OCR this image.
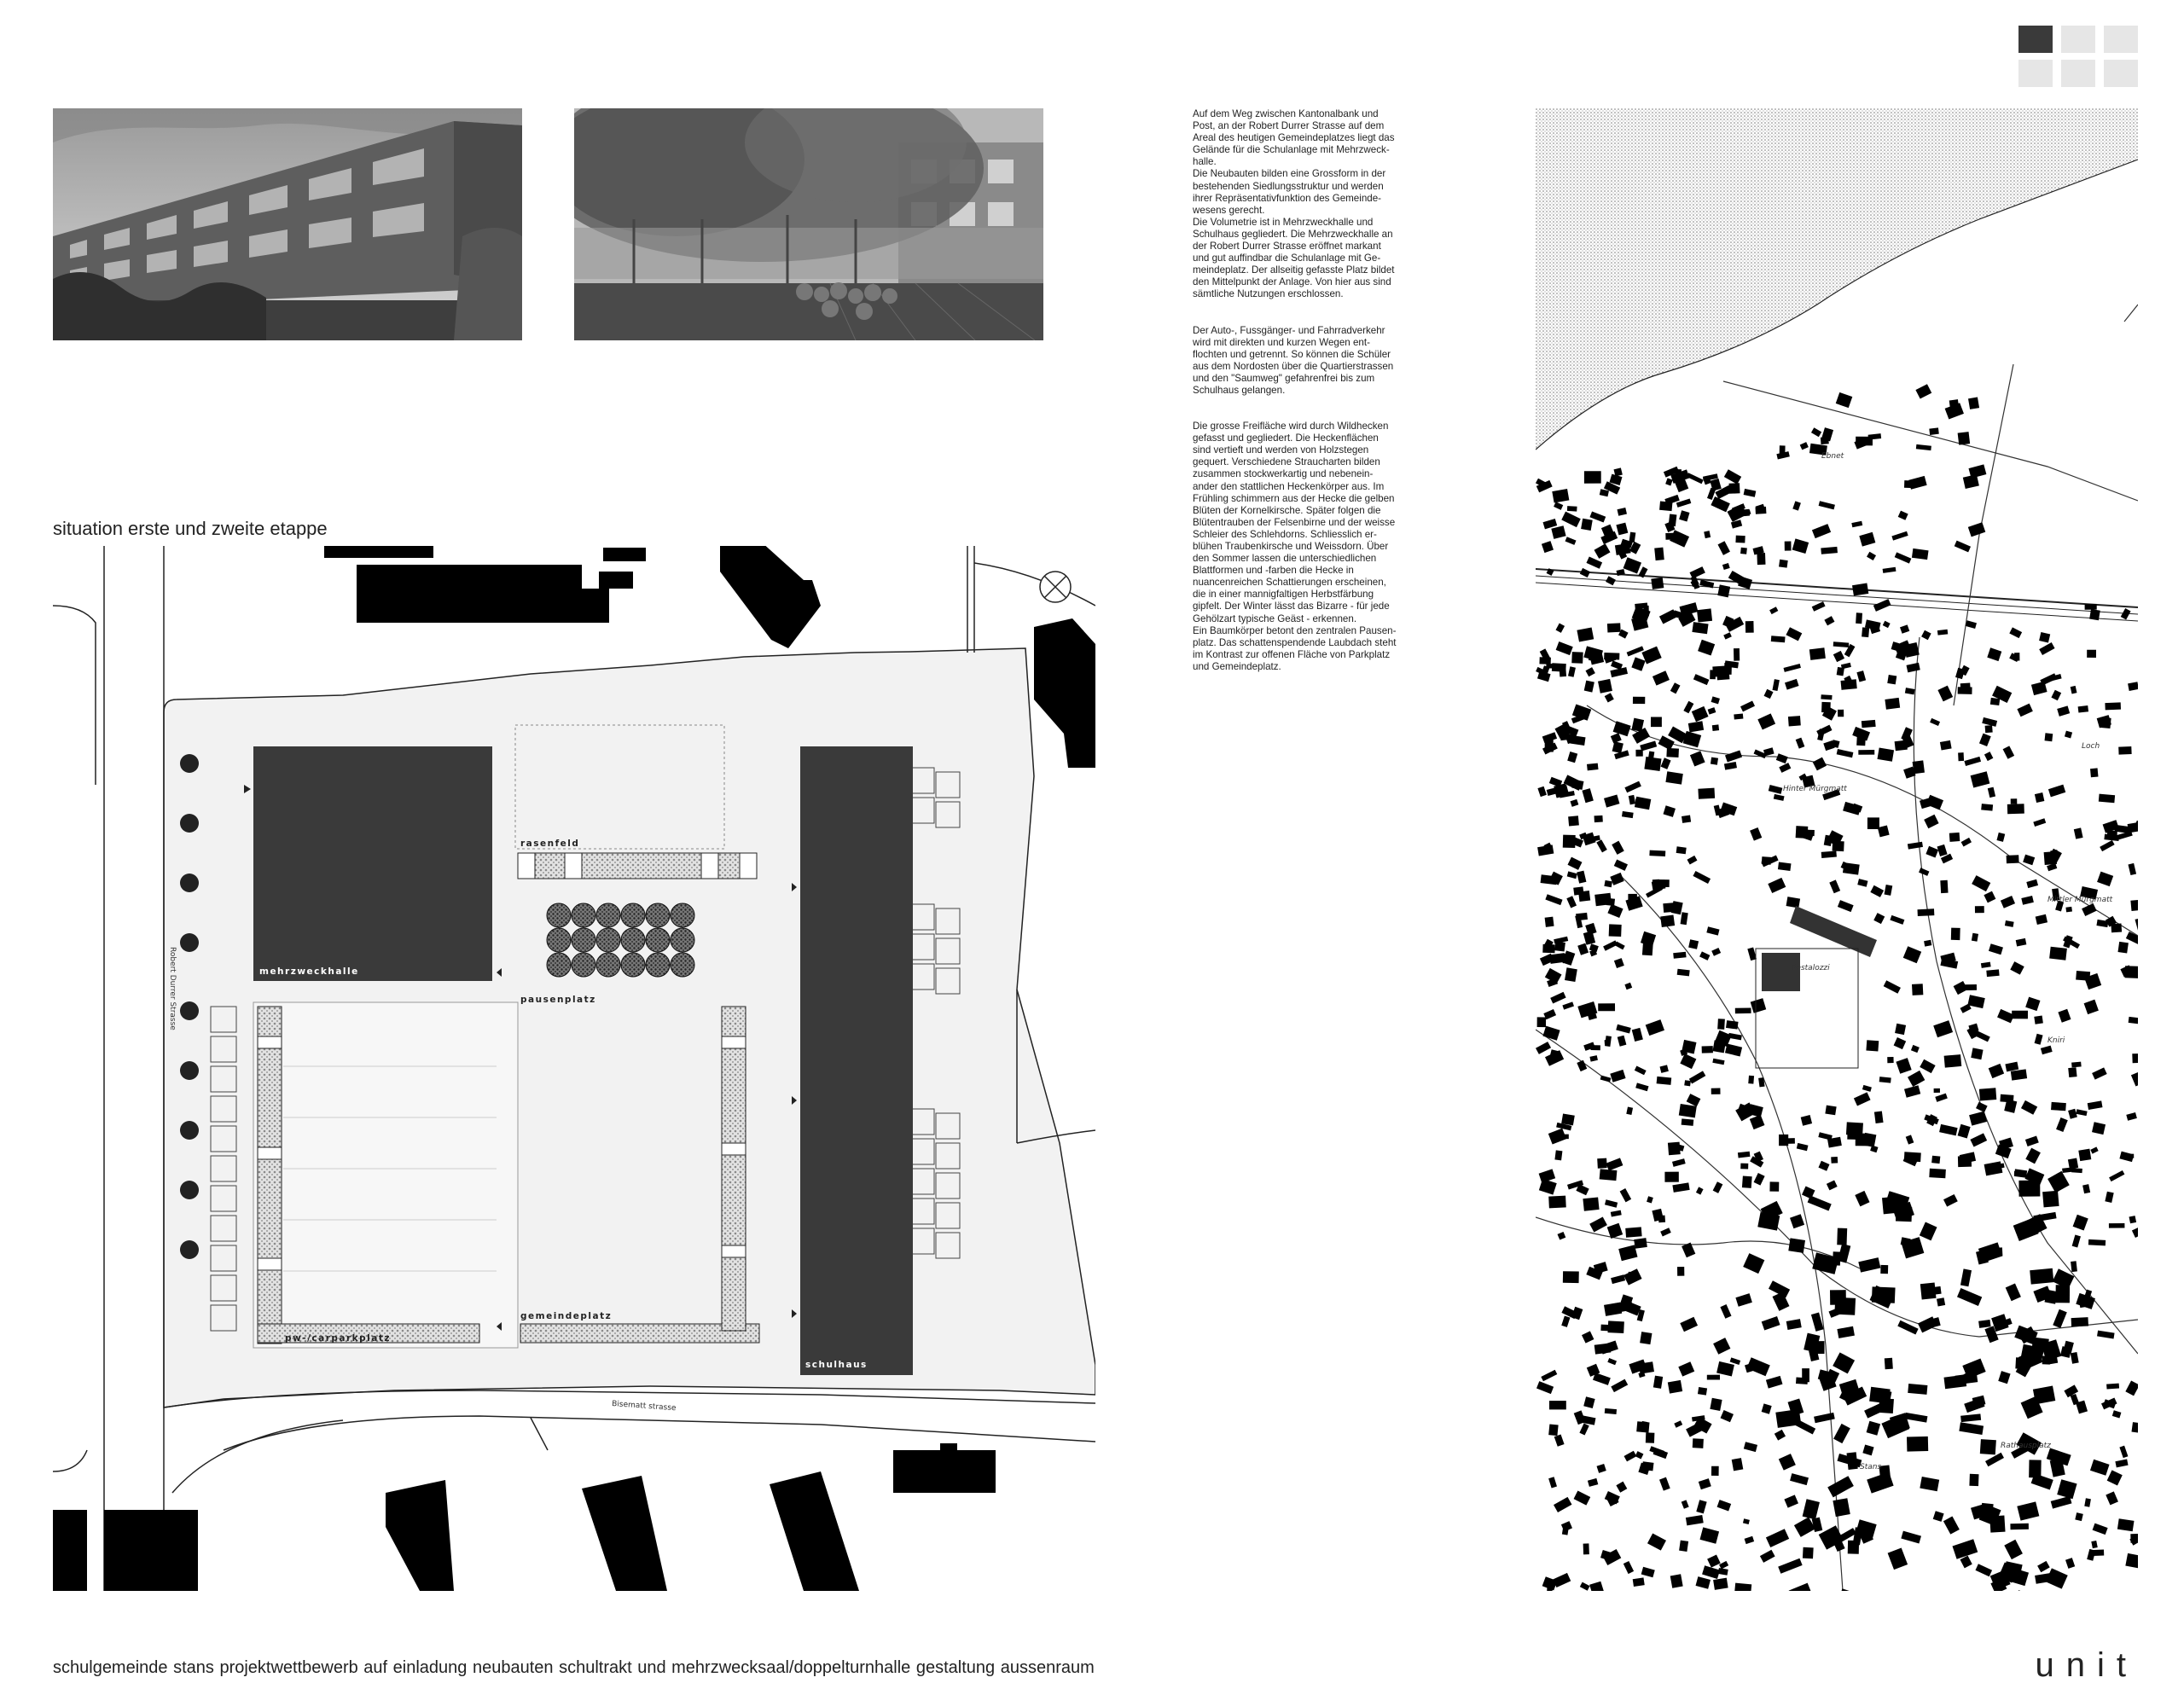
Auf dem Weg zwischen Kantonalbank und
Post, an der Robert Durrer Strasse auf dem
Areal des heutigen Gemeindeplatzes liegt das
Gelände für die Schulanlage mit Mehrzweck-
halle.
Die Neubauten bilden eine Grossform in der
bestehenden Siedlungsstruktur und werden
ihrer Repräsentativfunktion des Gemeinde-
wesens gerecht.
Die Volumetrie ist in Mehrzweckhalle und
Schulhaus gegliedert. Die Mehrzweckhalle an
der Robert Durrer Strasse eröffnet markant
und gut auffindbar die Schulanlage mit Ge-
meindeplatz. Der allseitig gefasste Platz bildet
den Mittelpunkt der Anlage. Von hier aus sind
sämtliche Nutzungen erschlossen.

Der Auto-, Fussgänger- und Fahrradverkehr
wird mit direkten und kurzen Wegen ent-
flochten und getrennt. So können die Schüler
aus dem Nordosten über die Quartierstrassen
und den "Saumweg" gefahrenfrei bis zum
Schulhaus gelangen.

Die grosse Freifläche wird durch Wildhecken
gefasst und gegliedert. Die Heckenflächen
sind vertieft und werden von Holzstegen
gequert. Verschiedene Straucharten bilden
zusammen stockwerkartig und nebenein-
ander den stattlichen Heckenkörper aus. Im
Frühling schimmern aus der Hecke die gelben
Blüten der Kornelkirsche. Später folgen die
Blütentrauben der Felsenbirne und der weisse
Schleier des Schlehdorns. Schliesslich er-
blühen Traubenkirsche und Weissdorn. Über
den Sommer lassen die unterschiedlichen
Blattformen und -farben die Hecke in
nuancenreichen Schattierungen erscheinen,
die in einer mannigfaltigen Herbstfärbung
gipfelt. Der Winter lässt das Bizarre - für jede
Gehölzart typische Geäst - erkennen.
Ein Baumkörper betont den zentralen Pausen-
platz. Das schattenspendende Laubdach steht
im Kontrast zur offenen Fläche von Parkplatz
und Gemeindeplatz.

situation erste und zweite etappe
mehrzweckhalle
schulhaus
rasenfeld
pausenplatz
gemeindeplatz
pw-/carparkplatz
Robert Durrer Strasse
Bisematt strasse
Ebnet
Hinter Mürgmatt
Loch
Mittler Mürgmatt
Pestalozzi
Kniri
Stans
Rathausplatz
schulgemeinde stans projektwettbewerb auf einladung neubauten schultrakt und mehrzwecksaal/doppelturnhalle gestaltung aussenraum	unit
